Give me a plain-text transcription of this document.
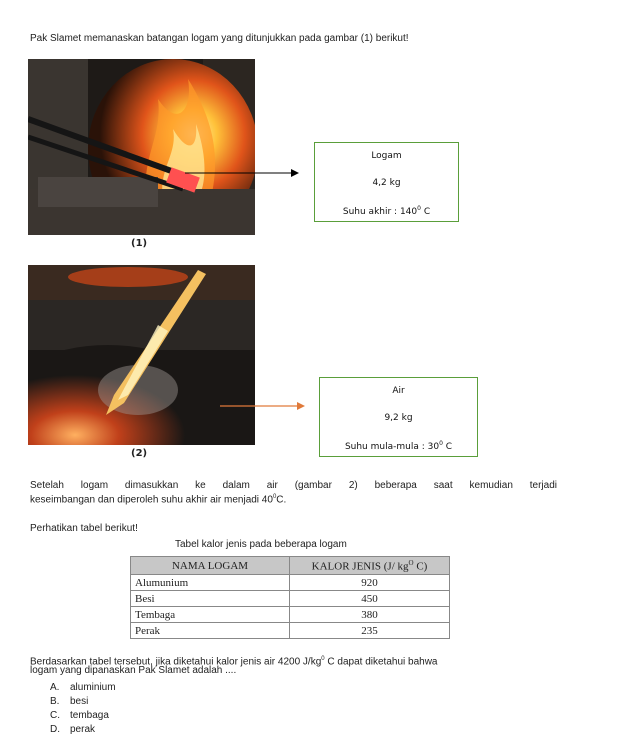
Pak Slamet memanaskan batangan logam yang ditunjukkan pada gambar (1) berikut!
(1)
Logam
4,2 kg
Suhu akhir : $140^0$ C
(2)
Air
9,2 kg
Suhu mula-mula : $30^0$ C
Setelah logam dimasukkan ke dalam air (gambar 2) beberapa saat kemudian terjadi
keseimbangan dan diperoleh suhu akhir air menjadi $40^0C$.
Perhatikan tabel berikut!
Tabel kalor jenis pada beberapa logam
NAMA LOGAM	KALOR JENIS (J/ $kg^O$ C)
Alumunium	920
Besi	450
Tembaga	380
Perak	235
Berdasarkan tabel tersebut, jika diketahui kalor jenis air 4200 $J/kg^0$ C dapat diketahui bahwa
logam yang dipanaskan Pak Slamet adalah ....
A. aluminium
B. besi
C. tembaga
D. perak
